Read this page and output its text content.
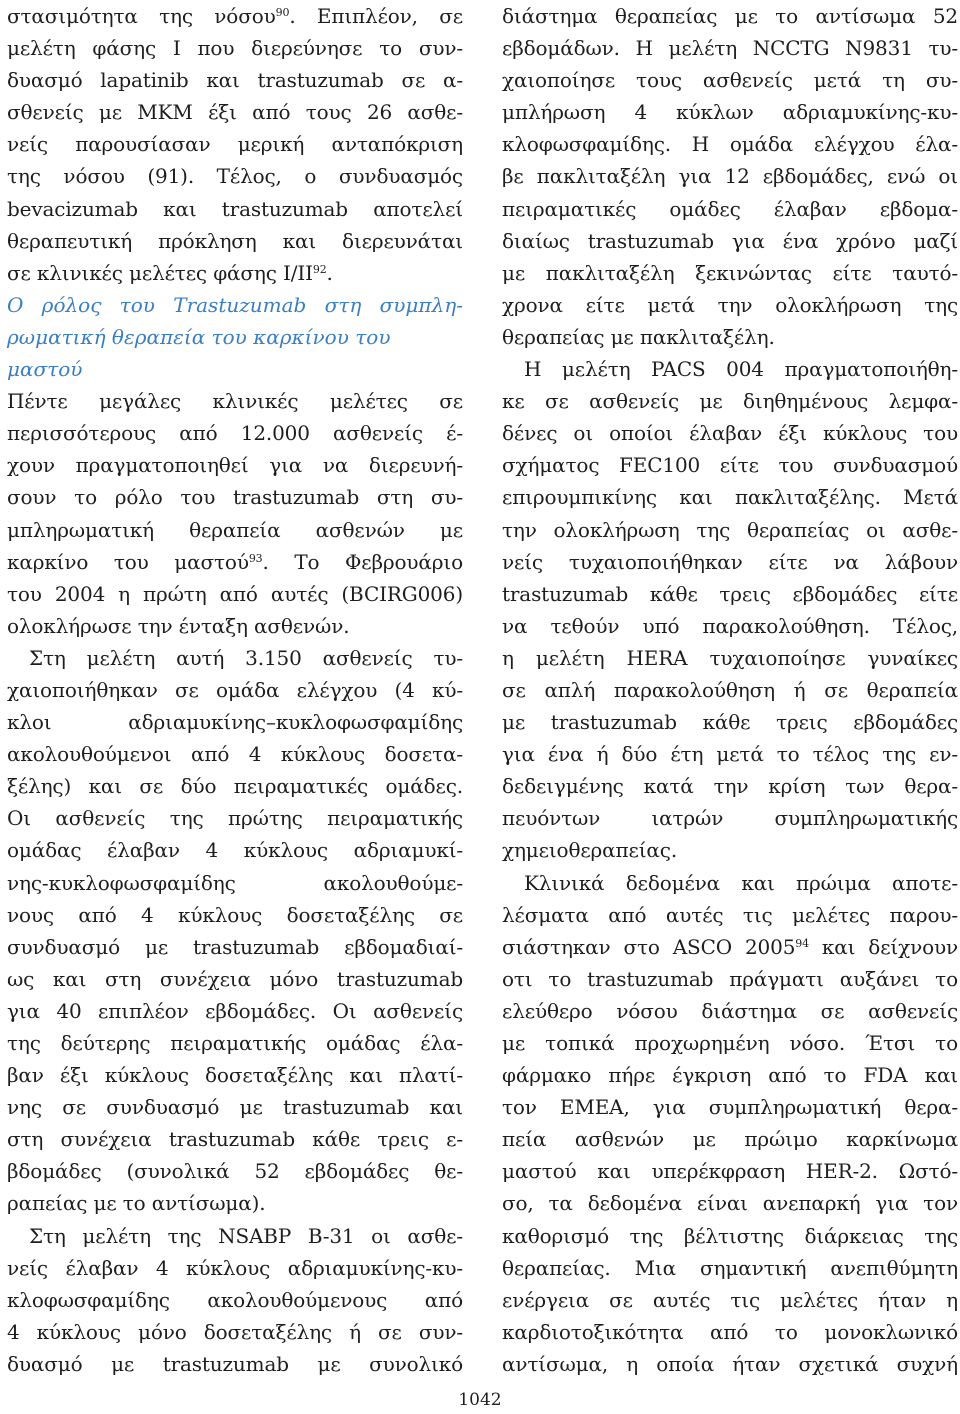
στασιμότητα της νόσου$^{90}$. Επιπλέον, σε
μελέτη φάσης Ι που διερεύνησε το συν-
δυασμό lapatinib και trastuzumab σε α-
σθενείς με ΜΚΜ έξι από τους 26 ασθε-
νείς παρουσίασαν μερική ανταπόκριση
της νόσου (91). Τέλος, ο συνδυασμός
bevacizumab και trastuzumab αποτελεί
θεραπευτική πρόκληση και διερευνάται
σε κλινικές μελέτες φάσης Ι/ΙΙ$^{92}$.
Ο ρόλος του Trastuzumab στη συμπλη-
ρωματική θεραπεία του καρκίνου του
μαστού
Πέντε μεγάλες κλινικές μελέτες σε
περισσότερους από 12.000 ασθενείς έ-
χουν πραγματοποιηθεί για να διερευνή-
σουν το ρόλο του trastuzumab στη συ-
μπληρωματική θεραπεία ασθενών με
καρκίνο του μαστού$^{93}$. Το Φεβρουάριο
του 2004 η πρώτη από αυτές (BCIRG006)
ολοκλήρωσε την ένταξη ασθενών.
Στη μελέτη αυτή 3.150 ασθενείς τυ-
χαιοποιήθηκαν σε ομάδα ελέγχου (4 κύ-
κλοι αδριαμυκίνης–κυκλοφωσφαμίδης
ακολουθούμενοι από 4 κύκλους δοσετα-
ξέλης) και σε δύο πειραματικές ομάδες.
Οι ασθενείς της πρώτης πειραματικής
ομάδας έλαβαν 4 κύκλους αδριαμυκί-
νης-κυκλοφωσφαμίδης ακολουθούμε-
νους από 4 κύκλους δοσεταξέλης σε
συνδυασμό με trastuzumab εβδομαδιαί-
ως και στη συνέχεια μόνο trastuzumab
για 40 επιπλέον εβδομάδες. Οι ασθενείς
της δεύτερης πειραματικής ομάδας έλα-
βαν έξι κύκλους δοσεταξέλης και πλατί-
νης σε συνδυασμό με trastuzumab και
στη συνέχεια trastuzumab κάθε τρεις ε-
βδομάδες (συνολικά 52 εβδομάδες θε-
ραπείας με το αντίσωμα).
Στη μελέτη της NSABP B-31 οι ασθε-
νείς έλαβαν 4 κύκλους αδριαμυκίνης-κυ-
κλοφωσφαμίδης ακολουθούμενους από
4 κύκλους μόνο δοσεταξέλης ή σε συν-
δυασμό με trastuzumab με συνολικό
διάστημα θεραπείας με το αντίσωμα 52
εβδομάδων. Η μελέτη NCCTG N9831 τυ-
χαιοποίησε τους ασθενείς μετά τη συ-
μπλήρωση 4 κύκλων αδριαμυκίνης-κυ-
κλοφωσφαμίδης. Η ομάδα ελέγχου έλα-
βε πακλιταξέλη για 12 εβδομάδες, ενώ οι
πειραματικές ομάδες έλαβαν εβδομα-
διαίως trastuzumab για ένα χρόνο μαζί
με πακλιταξέλη ξεκινώντας είτε ταυτό-
χρονα είτε μετά την ολοκλήρωση της
θεραπείας με πακλιταξέλη.
Η μελέτη PACS 004 πραγματοποιήθη-
κε σε ασθενείς με διηθημένους λεμφα-
δένες οι οποίοι έλαβαν έξι κύκλους του
σχήματος FEC100 είτε του συνδυασμού
επιρουμπικίνης και πακλιταξέλης. Μετά
την ολοκλήρωση της θεραπείας οι ασθε-
νείς τυχαιοποιήθηκαν είτε να λάβουν
trastuzumab κάθε τρεις εβδομάδες είτε
να τεθούν υπό παρακολούθηση. Τέλος,
η μελέτη HERA τυχαιοποίησε γυναίκες
σε απλή παρακολούθηση ή σε θεραπεία
με trastuzumab κάθε τρεις εβδομάδες
για ένα ή δύο έτη μετά το τέλος της εν-
δεδειγμένης κατά την κρίση των θερα-
πευόντων ιατρών συμπληρωματικής
χημειοθεραπείας.
Κλινικά δεδομένα και πρώιμα αποτε-
λέσματα από αυτές τις μελέτες παρου-
σιάστηκαν στο ASCO 2005$^{94}$ και δείχνουν
οτι το trastuzumab πράγματι αυξάνει το
ελεύθερο νόσου διάστημα σε ασθενείς
με τοπικά προχωρημένη νόσο. Έτσι το
φάρμακο πήρε έγκριση από το FDA και
τον ΕΜΕΑ, για συμπληρωματική θερα-
πεία ασθενών με πρώιμο καρκίνωμα
μαστού και υπερέκφραση HER-2. Ωστό-
σο, τα δεδομένα είναι ανεπαρκή για τον
καθορισμό της βέλτιστης διάρκειας της
θεραπείας. Μια σημαντική ανεπιθύμητη
ενέργεια σε αυτές τις μελέτες ήταν η
καρδιοτοξικότητα από το μονοκλωνικό
αντίσωμα, η οποία ήταν σχετικά συχνή
1042
